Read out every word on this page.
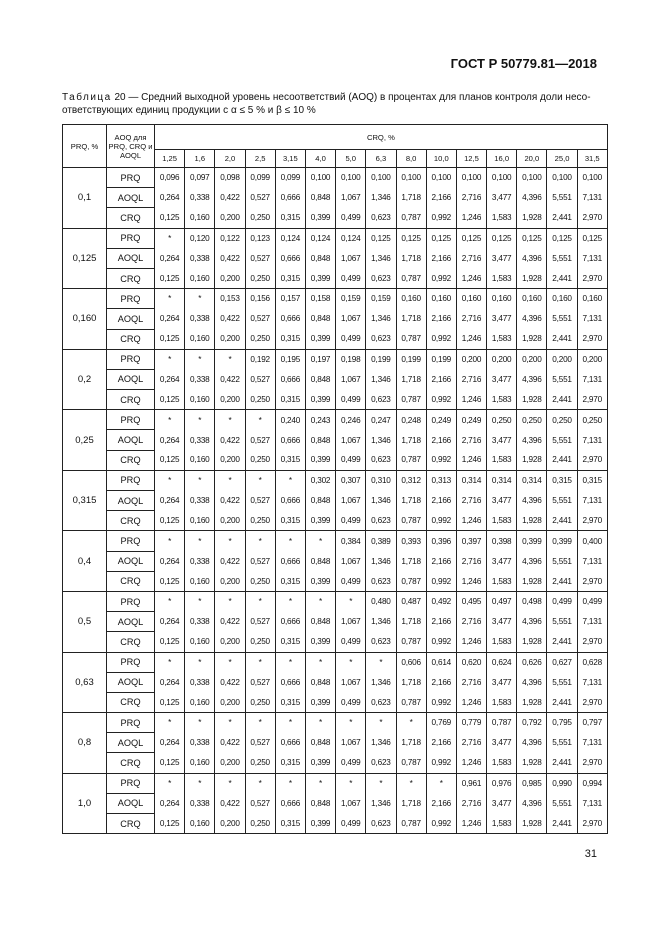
ГОСТ Р 50779.81—2018
Таблица 20 — Средний выходной уровень несоответствий (AOQ) в процентах для планов контроля доли несо-ответствующих единиц продукции с α ≤ 5 % и β ≤ 10 %
PRQ, %	AOQ для PRQ, CRQ и AOQL	CRQ, %														
		1,25	1,6	2,0	2,5	3,15	4,0	5,0	6,3	8,0	10,0	12,5	16,0	20,0	25,0	31,5
0,1	PRQ	0,096	0,097	0,098	0,099	0,099	0,100	0,100	0,100	0,100	0,100	0,100	0,100	0,100	0,100	0,100
	AOQL	0,264	0,338	0,422	0,527	0,666	0,848	1,067	1,346	1,718	2,166	2,716	3,477	4,396	5,551	7,131
	CRQ	0,125	0,160	0,200	0,250	0,315	0,399	0,499	0,623	0,787	0,992	1,246	1,583	1,928	2,441	2,970
0,125	PRQ	*	0,120	0,122	0,123	0,124	0,124	0,124	0,125	0,125	0,125	0,125	0,125	0,125	0,125	0,125
	AOQL	0,264	0,338	0,422	0,527	0,666	0,848	1,067	1,346	1,718	2,166	2,716	3,477	4,396	5,551	7,131
	CRQ	0,125	0,160	0,200	0,250	0,315	0,399	0,499	0,623	0,787	0,992	1,246	1,583	1,928	2,441	2,970
0,160	PRQ	*	*	0,153	0,156	0,157	0,158	0,159	0,159	0,160	0,160	0,160	0,160	0,160	0,160	0,160
	AOQL	0,264	0,338	0,422	0,527	0,666	0,848	1,067	1,346	1,718	2,166	2,716	3,477	4,396	5,551	7,131
	CRQ	0,125	0,160	0,200	0,250	0,315	0,399	0,499	0,623	0,787	0,992	1,246	1,583	1,928	2,441	2,970
0,2	PRQ	*	*	*	0,192	0,195	0,197	0,198	0,199	0,199	0,199	0,200	0,200	0,200	0,200	0,200
	AOQL	0,264	0,338	0,422	0,527	0,666	0,848	1,067	1,346	1,718	2,166	2,716	3,477	4,396	5,551	7,131
	CRQ	0,125	0,160	0,200	0,250	0,315	0,399	0,499	0,623	0,787	0,992	1,246	1,583	1,928	2,441	2,970
0,25	PRQ	*	*	*	*	0,240	0,243	0,246	0,247	0,248	0,249	0,249	0,250	0,250	0,250	0,250
	AOQL	0,264	0,338	0,422	0,527	0,666	0,848	1,067	1,346	1,718	2,166	2,716	3,477	4,396	5,551	7,131
	CRQ	0,125	0,160	0,200	0,250	0,315	0,399	0,499	0,623	0,787	0,992	1,246	1,583	1,928	2,441	2,970
0,315	PRQ	*	*	*	*	*	0,302	0,307	0,310	0,312	0,313	0,314	0,314	0,314	0,315	0,315
	AOQL	0,264	0,338	0,422	0,527	0,666	0,848	1,067	1,346	1,718	2,166	2,716	3,477	4,396	5,551	7,131
	CRQ	0,125	0,160	0,200	0,250	0,315	0,399	0,499	0,623	0,787	0,992	1,246	1,583	1,928	2,441	2,970
0,4	PRQ	*	*	*	*	*	*	0,384	0,389	0,393	0,396	0,397	0,398	0,399	0,399	0,400
	AOQL	0,264	0,338	0,422	0,527	0,666	0,848	1,067	1,346	1,718	2,166	2,716	3,477	4,396	5,551	7,131
	CRQ	0,125	0,160	0,200	0,250	0,315	0,399	0,499	0,623	0,787	0,992	1,246	1,583	1,928	2,441	2,970
0,5	PRQ	*	*	*	*	*	*	*	0,480	0,487	0,492	0,495	0,497	0,498	0,499	0,499
	AOQL	0,264	0,338	0,422	0,527	0,666	0,848	1,067	1,346	1,718	2,166	2,716	3,477	4,396	5,551	7,131
	CRQ	0,125	0,160	0,200	0,250	0,315	0,399	0,499	0,623	0,787	0,992	1,246	1,583	1,928	2,441	2,970
0,63	PRQ	*	*	*	*	*	*	*	*	0,606	0,614	0,620	0,624	0,626	0,627	0,628
	AOQL	0,264	0,338	0,422	0,527	0,666	0,848	1,067	1,346	1,718	2,166	2,716	3,477	4,396	5,551	7,131
	CRQ	0,125	0,160	0,200	0,250	0,315	0,399	0,499	0,623	0,787	0,992	1,246	1,583	1,928	2,441	2,970
0,8	PRQ	*	*	*	*	*	*	*	*	*	0,769	0,779	0,787	0,792	0,795	0,797
	AOQL	0,264	0,338	0,422	0,527	0,666	0,848	1,067	1,346	1,718	2,166	2,716	3,477	4,396	5,551	7,131
	CRQ	0,125	0,160	0,200	0,250	0,315	0,399	0,499	0,623	0,787	0,992	1,246	1,583	1,928	2,441	2,970
1,0	PRQ	*	*	*	*	*	*	*	*	*	*	0,961	0,976	0,985	0,990	0,994
	AOQL	0,264	0,338	0,422	0,527	0,666	0,848	1,067	1,346	1,718	2,166	2,716	3,477	4,396	5,551	7,131
	CRQ	0,125	0,160	0,200	0,250	0,315	0,399	0,499	0,623	0,787	0,992	1,246	1,583	1,928	2,441	2,970
31
